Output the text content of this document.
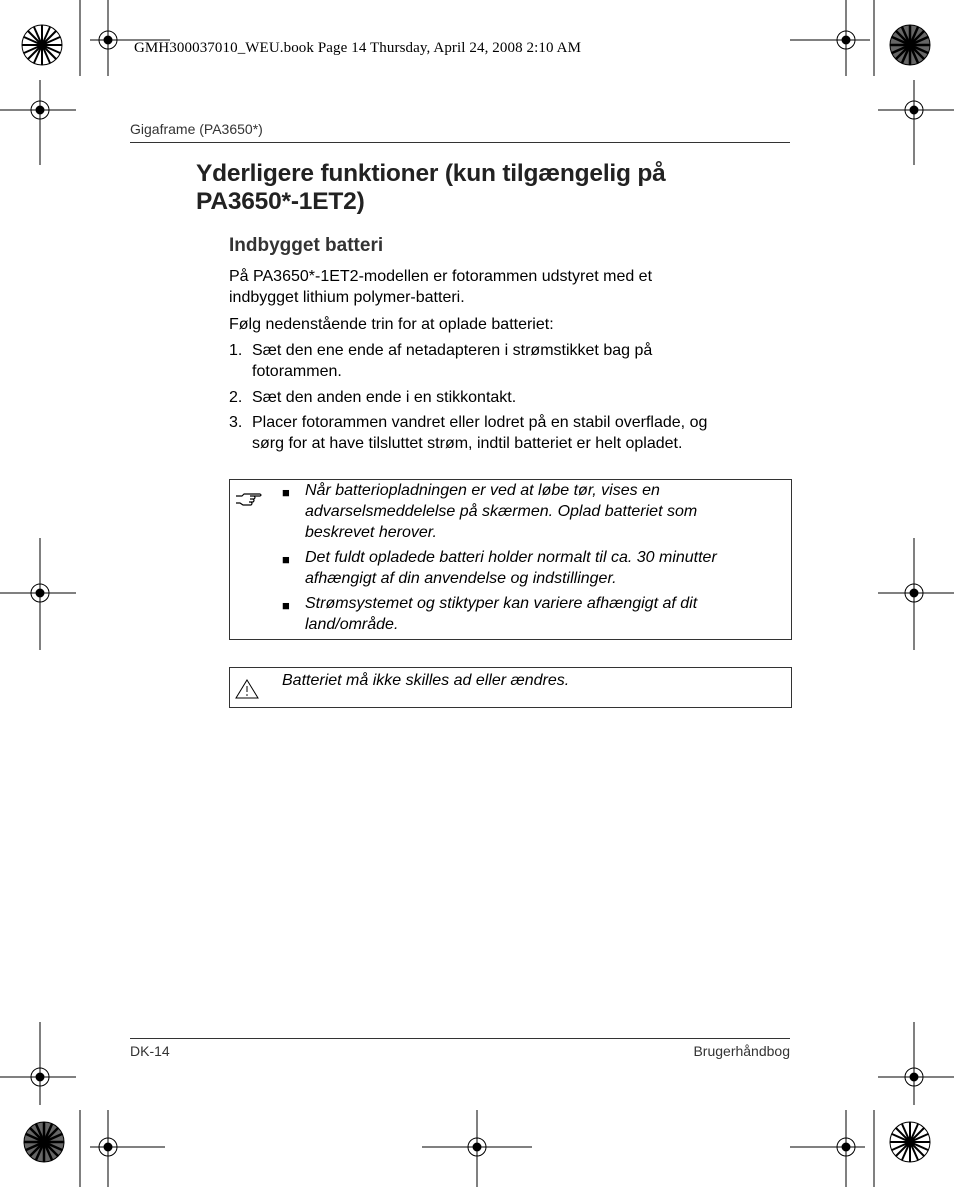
GMH300037010_WEU.book Page 14 Thursday, April 24, 2008 2:10 AM
Gigaframe (PA3650*)
Yderligere funktioner (kun tilgængelig på
PA3650*-1ET2)
Indbygget batteri
På PA3650*-1ET2-modellen er fotorammen udstyret med et
indbygget lithium polymer-batteri.
Følg nedenstående trin for at oplade batteriet:
1. Sæt den ene ende af netadapteren i strømstikket bag på
fotorammen.
2. Sæt den anden ende i en stikkontakt.
3. Placer fotorammen vandret eller lodret på en stabil overflade, og
sørg for at have tilsluttet strøm, indtil batteriet er helt opladet.
■ Når batteriopladningen er ved at løbe tør, vises en
advarselsmeddelelse på skærmen. Oplad batteriet som
beskrevet herover.
■ Det fuldt opladede batteri holder normalt til ca. 30 minutter
afhængigt af din anvendelse og indstillinger.
■ Strømsystemet og stiktyper kan variere afhængigt af dit
land/område.
Batteriet må ikke skilles ad eller ændres.
DK-14	Brugerhåndbog
